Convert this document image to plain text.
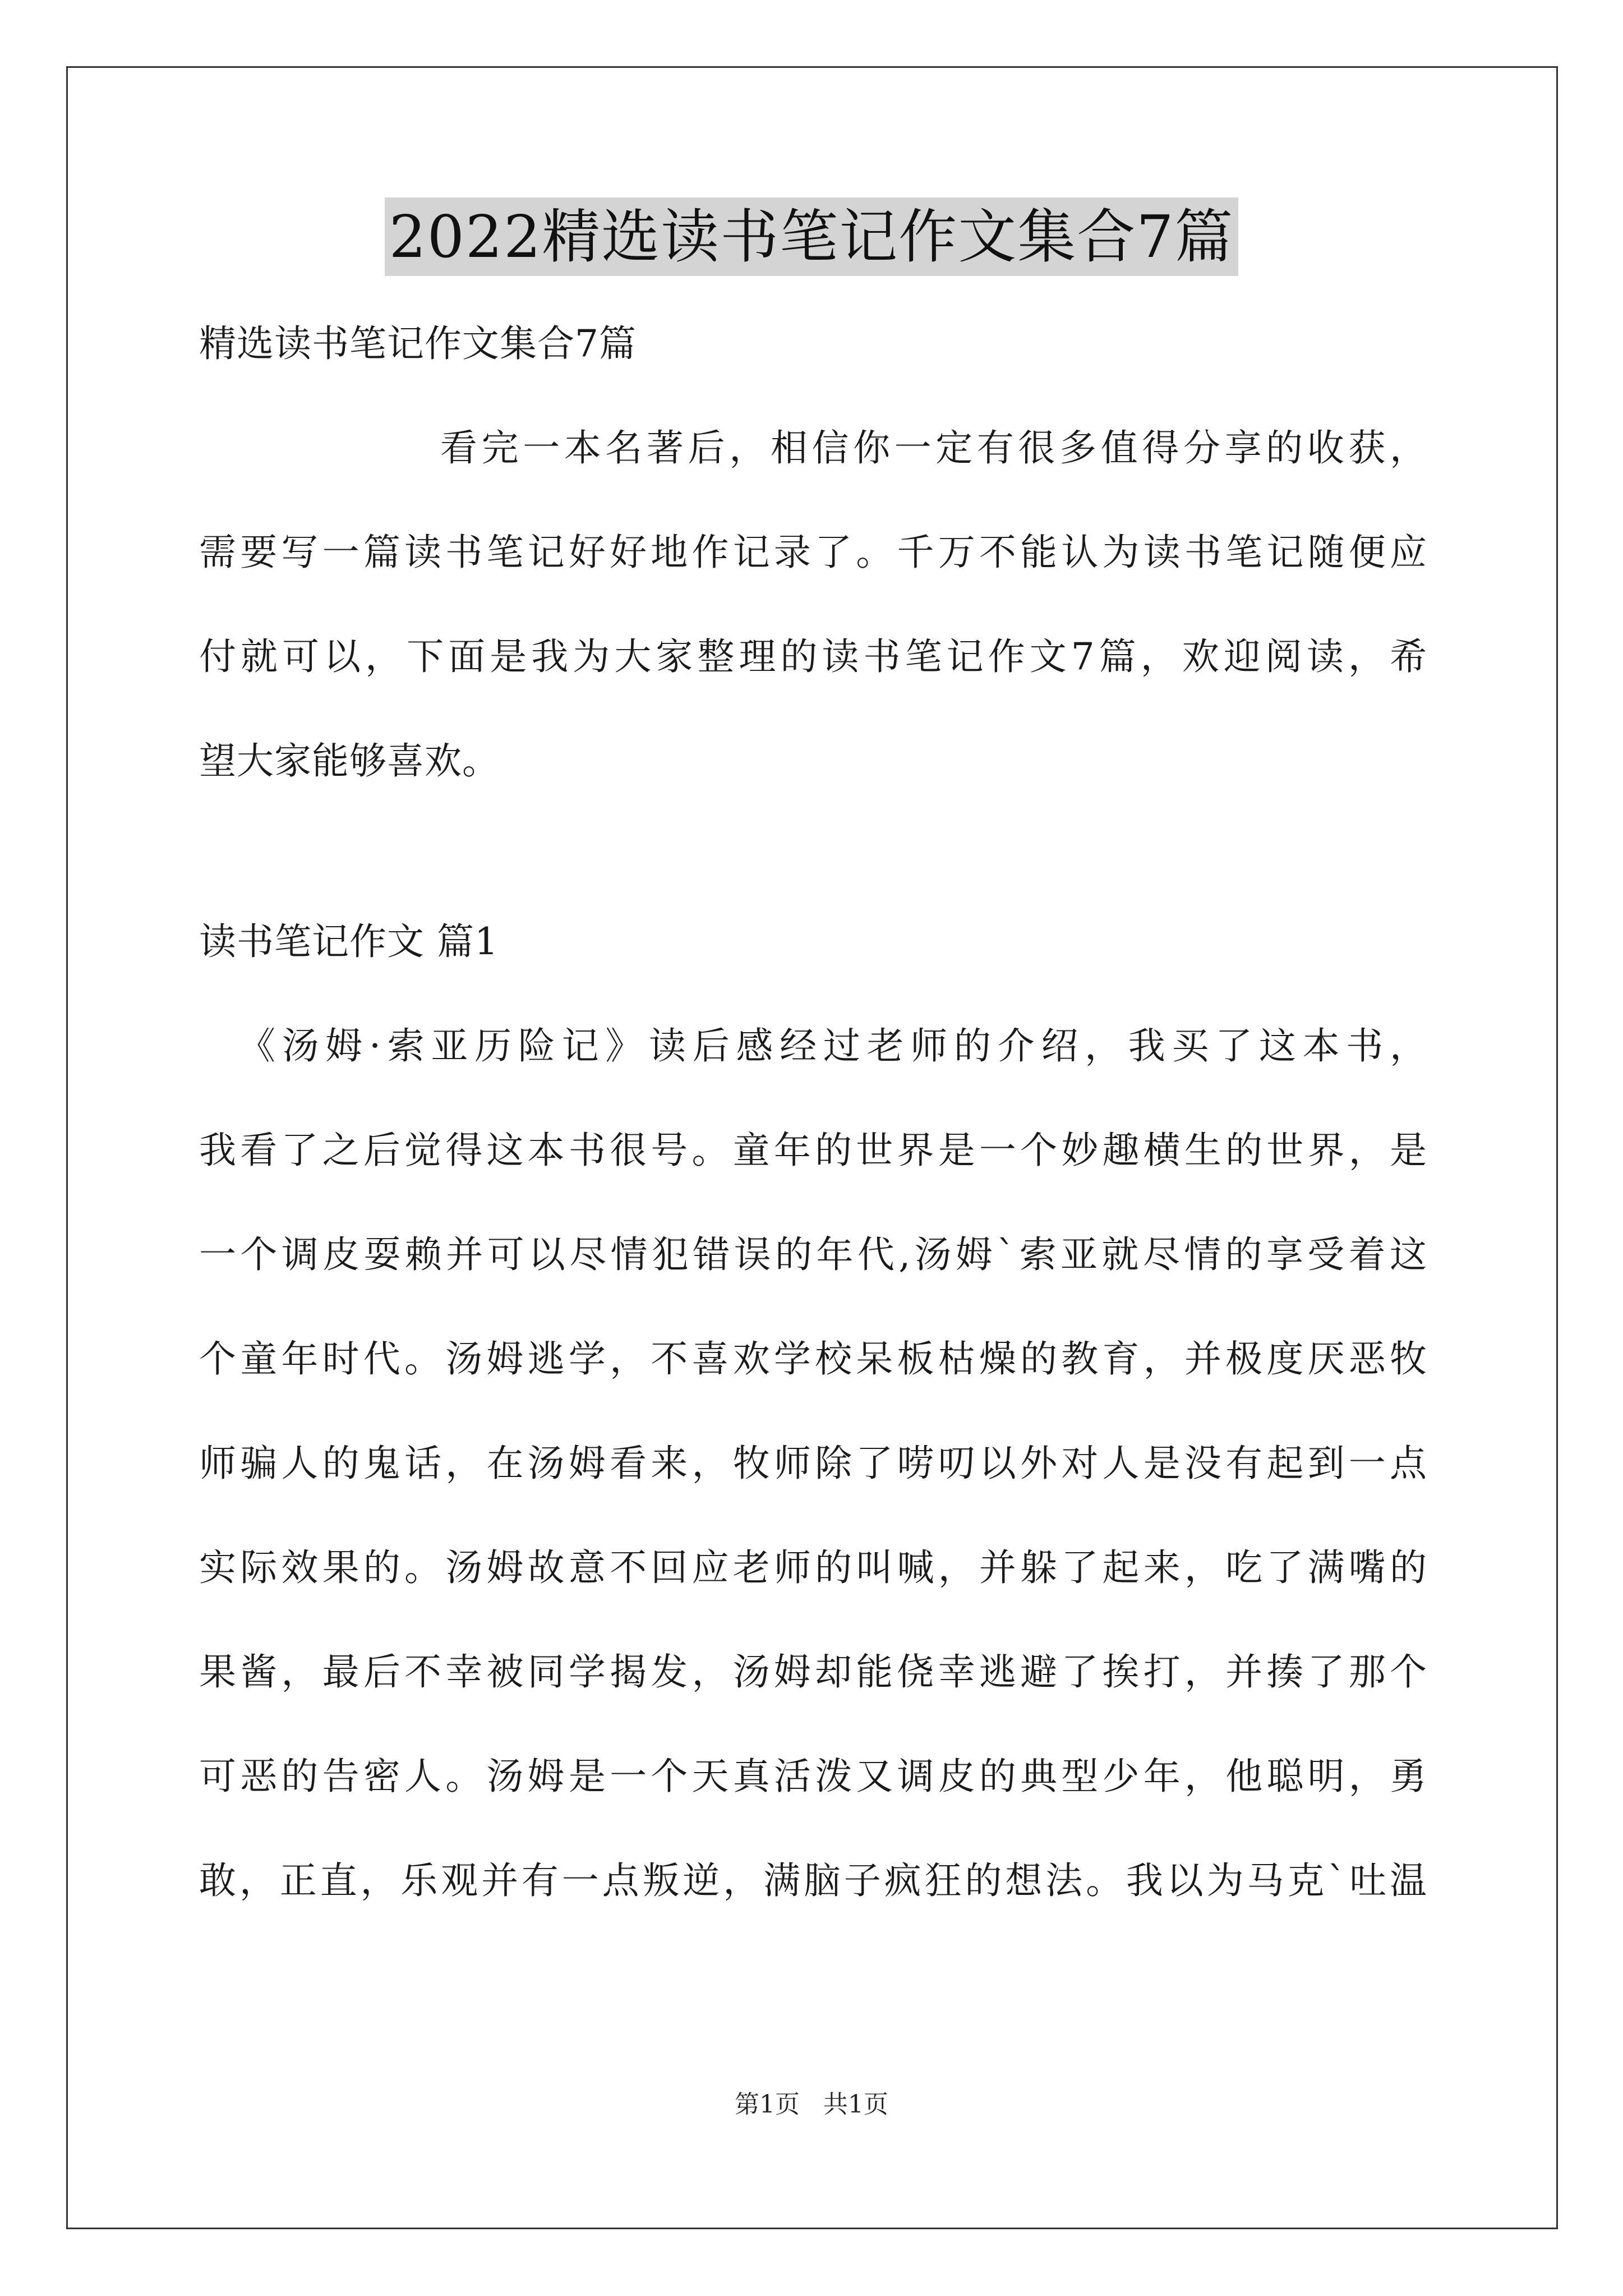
2022精选读书笔记作文集合7篇
精选读书笔记作文集合7篇
看完一本名著后，相信你一定有很多值得分享的收获，
需要写一篇读书笔记好好地作记录了。千万不能认为读书笔记随便应
付就可以，下面是我为大家整理的读书笔记作文7篇，欢迎阅读，希
望大家能够喜欢。
读书笔记作文 篇1
《汤姆·索亚历险记》读后感经过老师的介绍，我买了这本书，
我看了之后觉得这本书很号。童年的世界是一个妙趣横生的世界，是
一个调皮耍赖并可以尽情犯错误的年代,汤姆`索亚就尽情的享受着这
个童年时代。汤姆逃学，不喜欢学校呆板枯燥的教育，并极度厌恶牧
师骗人的鬼话，在汤姆看来，牧师除了唠叨以外对人是没有起到一点
实际效果的。汤姆故意不回应老师的叫喊，并躲了起来，吃了满嘴的
果酱，最后不幸被同学揭发，汤姆却能侥幸逃避了挨打，并揍了那个
可恶的告密人。汤姆是一个天真活泼又调皮的典型少年，他聪明，勇
敢，正直，乐观并有一点叛逆，满脑子疯狂的想法。我以为马克`吐温
第1页 共1页
